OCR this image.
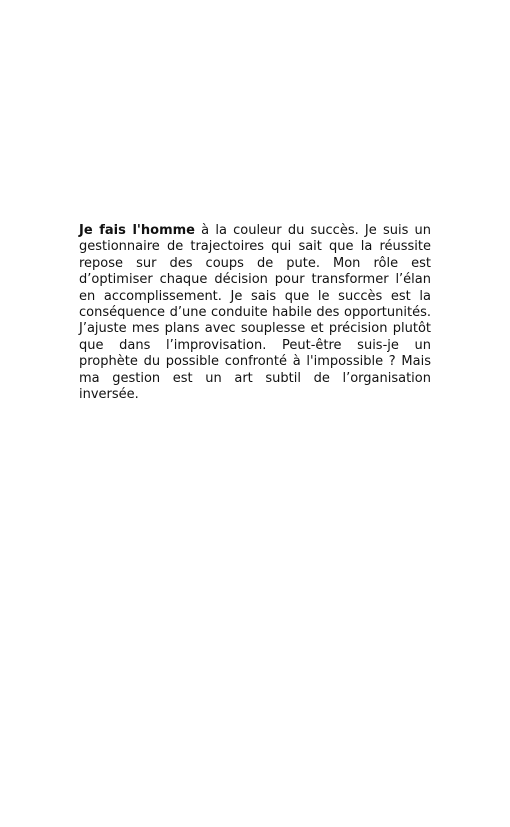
Je fais l'homme à la couleur du succès. Je suis un gestionnaire de trajectoires qui sait que la réussite repose sur des coups de pute. Mon rôle est d’optimiser chaque décision pour transformer l’élan en accomplissement. Je sais que le succès est la conséquence d’une conduite habile des opportunités. J’ajuste mes plans avec souplesse et précision plutôt que dans l’improvisation. Peut-être suis-je un prophète du possible confronté à l'impossible ? Mais ma gestion est un art subtil de l’organisation inversée.
